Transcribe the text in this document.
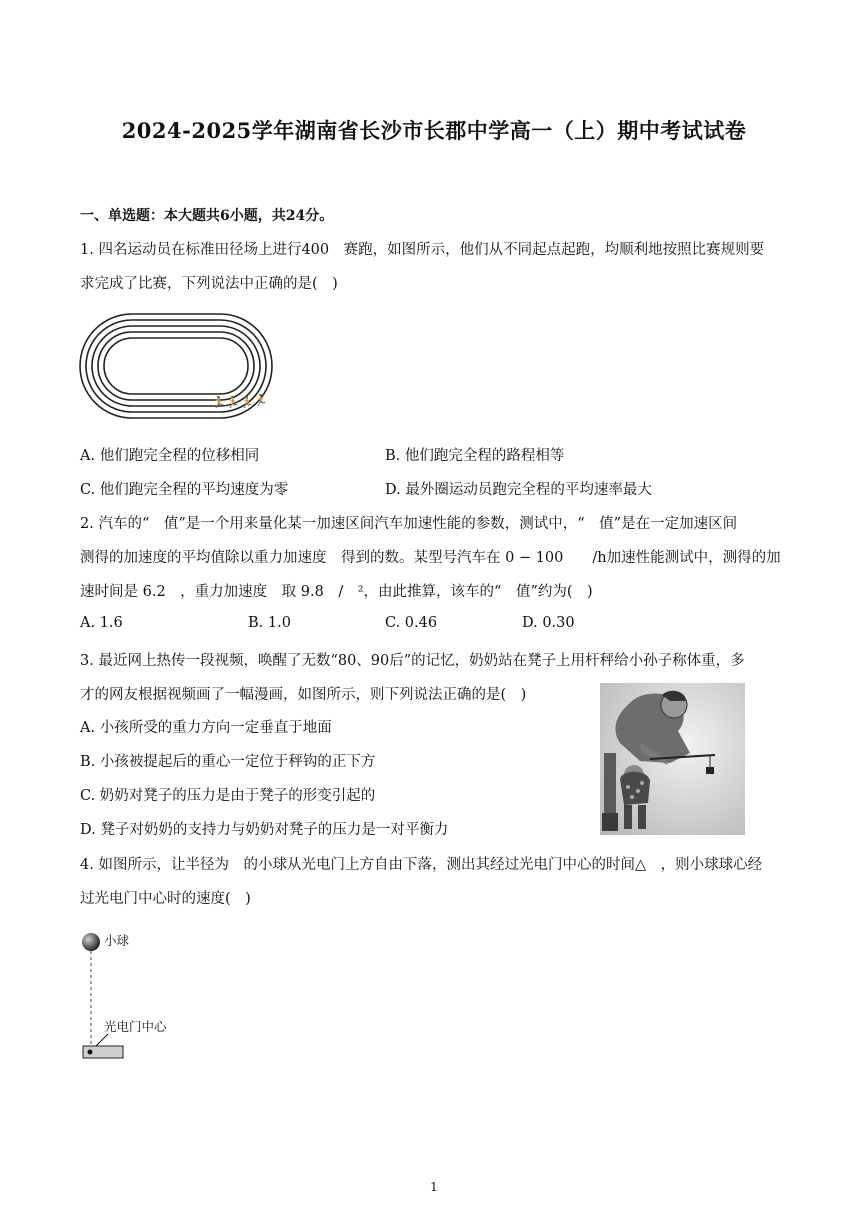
2024-2025学年湖南省长沙市长郡中学高一（上）期中考试试卷
一、单选题：本大题共6小题，共24分。
1. 四名运动员在标准田径场上进行400　赛跑，如图所示，他们从不同起点起跑，均顺利地按照比赛规则要
求完成了比赛，下列说法中正确的是(　)
🏃 🏃 🏃 🏃
A. 他们跑完全程的位移相同	B. 他们跑完全程的路程相等
C. 他们跑完全程的平均速度为零	D. 最外圈运动员跑完全程的平均速率最大
2. 汽车的“　值”是一个用来量化某一加速区间汽车加速性能的参数，测试中，“　值”是在一定加速区间
测得的加速度的平均值除以重力加速度　得到的数。某型号汽车在 0 − 100　　/h加速性能测试中，测得的加
速时间是 6.2　，重力加速度　取 9.8　/　²，由此推算，该车的“　值”约为(　)
A. 1.6	B. 1.0	C. 0.46	D. 0.30
3. 最近网上热传一段视频，唤醒了无数“80、90后”的记忆，奶奶站在凳子上用杆秤给小孙子称体重，多
才的网友根据视频画了一幅漫画，如图所示，则下列说法正确的是(　)
A. 小孩所受的重力方向一定垂直于地面
B. 小孩被提起后的重心一定位于秤钩的正下方
C. 奶奶对凳子的压力是由于凳子的形变引起的
D. 凳子对奶奶的支持力与奶奶对凳子的压力是一对平衡力
4. 如图所示，让半径为　的小球从光电门上方自由下落，测出其经过光电门中心的时间△　，则小球球心经
过光电门中心时的速度(　)
小球
光电门中心
1
